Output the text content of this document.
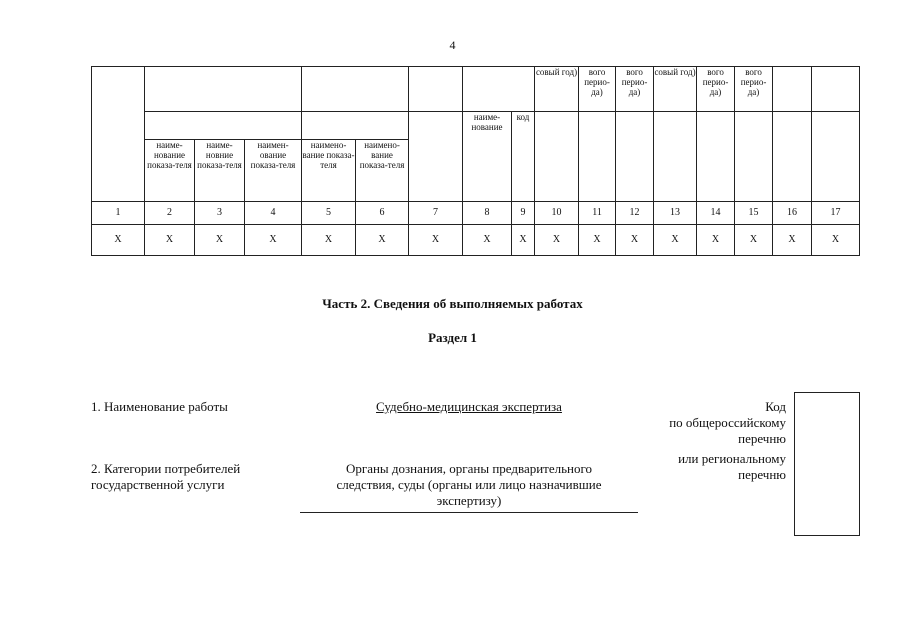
4
									совый год)	вого перио-да)	вого перио-да)	совый год)	вого перио-да)	вого перио-да)		
							наиме-нование	код								
	наиме-нование показа-теля	наиме-новние показа-теля	наимен-ование показа-теля	наимено-вание показа-теля	наимено-вание показа-теля											
1	2	3	4	5	6	7	8	9	10	11	12	13	14	15	16	17
Х	Х	Х	Х	Х	Х	Х	Х	Х	Х	Х	Х	Х	Х	Х	Х	Х
Часть 2. Сведения об выполняемых работах
Раздел 1
1. Наименование работы	Судебно-медицинская экспертиза
2. Категории потребителей
государственной услуги
Органы дознания, органы предварительного
следствия, суды (органы или лицо назначившие
экспертизу)
Код
по общероссийскому
перечню
или региональному
перечню
